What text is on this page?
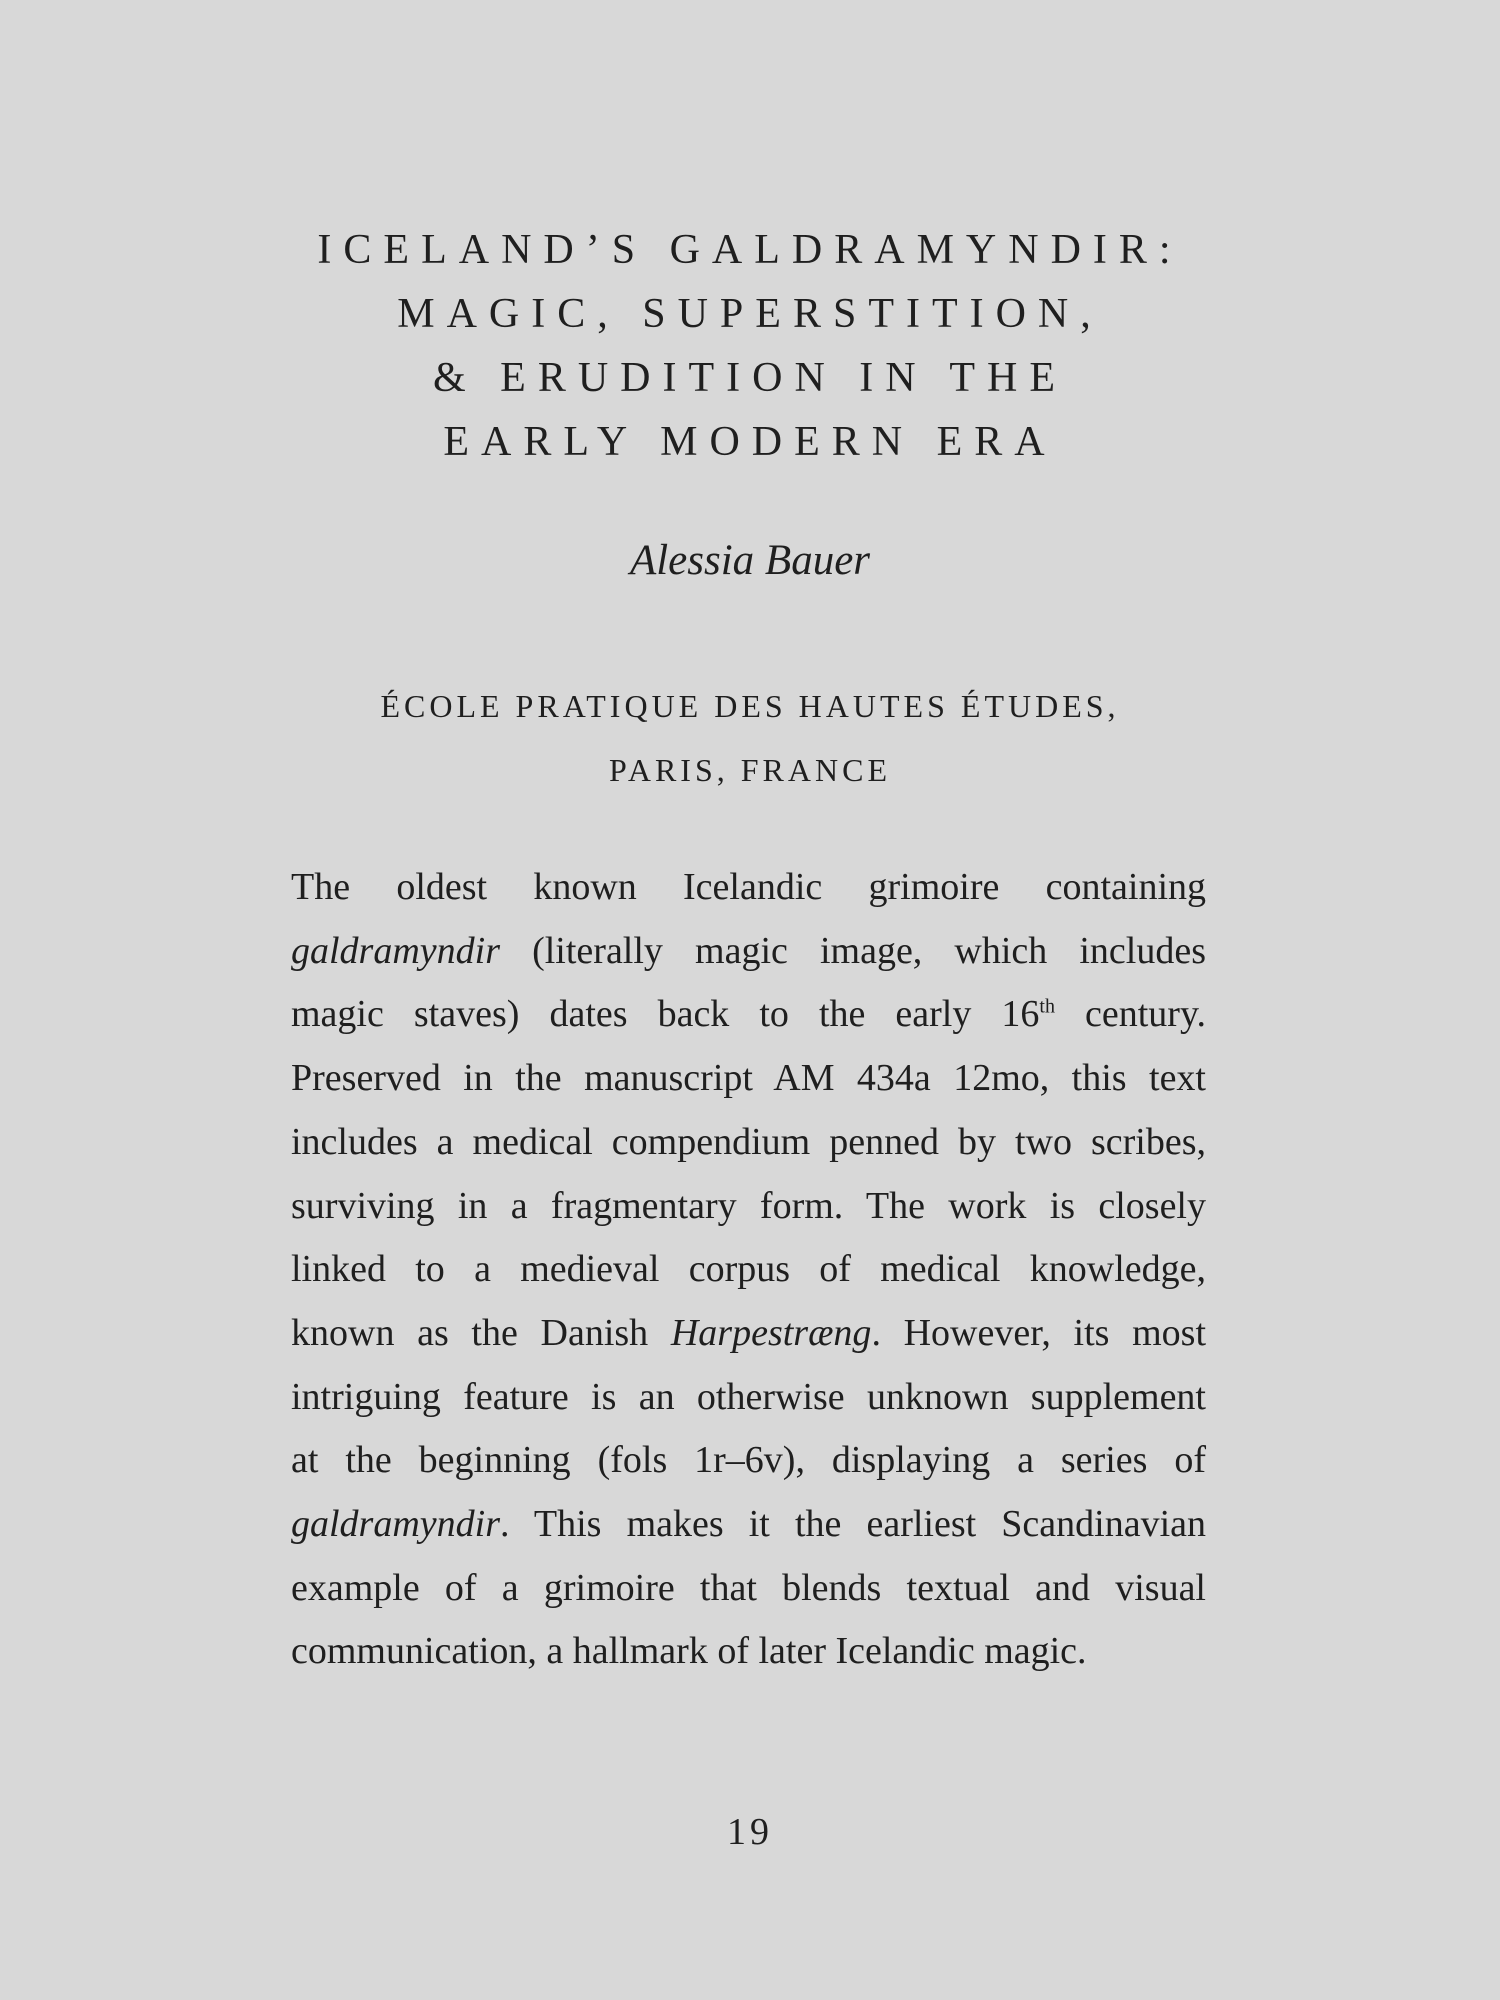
ICELAND’S GALDRAMYNDIR:
MAGIC, SUPERSTITION,
& ERUDITION IN THE
EARLY MODERN ERA
Alessia Bauer
ÉCOLE PRATIQUE DES HAUTES ÉTUDES,
PARIS, FRANCE
The oldest known Icelandic grimoire containing
galdramyndir (literally magic image, which includes
magic staves) dates back to the early 16th century.
Preserved in the manuscript AM 434a 12mo, this text
includes a medical compendium penned by two scribes,
surviving in a fragmentary form. The work is closely
linked to a medieval corpus of medical knowledge,
known as the Danish Harpestræng. However, its most
intriguing feature is an otherwise unknown supplement
at the beginning (fols 1r–6v), displaying a series of
galdramyndir. This makes it the earliest Scandinavian
example of a grimoire that blends textual and visual
communication, a hallmark of later Icelandic magic.
19
